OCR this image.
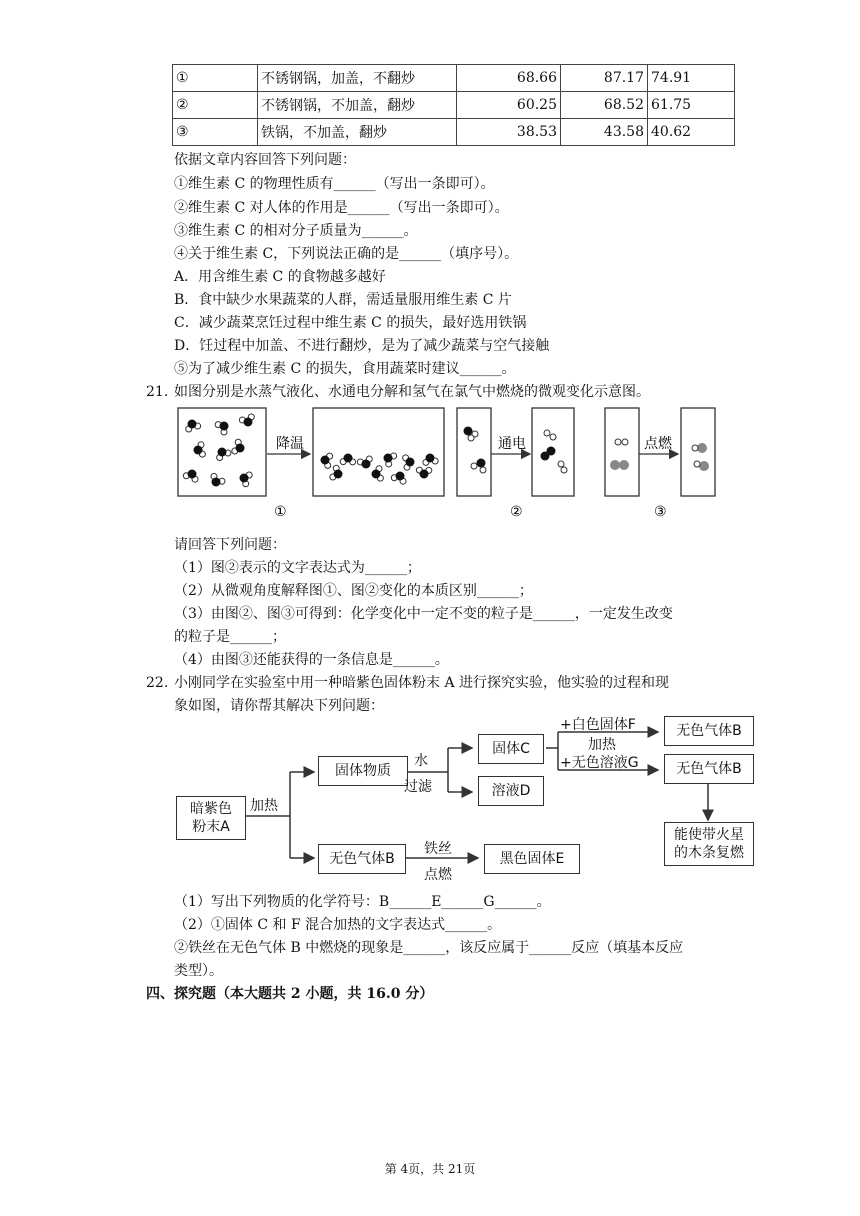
①	不锈钢锅，加盖，不翻炒	68.66	87.17	74.91
②	不锈钢锅，不加盖，翻炒	60.25	68.52	61.75
③	铁锅，不加盖，翻炒	38.53	43.58	40.62
依据文章内容回答下列问题：
①维生素 C 的物理性质有______（写出一条即可）。
②维生素 C 对人体的作用是______（写出一条即可）。
③维生素 C 的相对分子质量为______。
④关于维生素 C，下列说法正确的是______（填序号）。
A．用含维生素 C 的食物越多越好
B．食中缺少水果蔬菜的人群，需适量服用维生素 C 片
C．减少蔬菜烹饪过程中维生素 C 的损失，最好选用铁锅
D．饪过程中加盖、不进行翻炒，是为了减少蔬菜与空气接触
⑤为了减少维生素 C 的损失，食用蔬菜时建议______。
21. 如图分别是水蒸气液化、水通电分解和氢气在氯气中燃烧的微观变化示意图。
降温
①
通电
②
点燃
③
请回答下列问题：
（1）图②表示的文字表达式为______；
（2）从微观角度解释图①、图②变化的本质区别______；
（3）由图②、图③可得到：化学变化中一定不变的粒子是______，一定发生改变
的粒子是______；
（4）由图③还能获得的一条信息是______。
22. 小刚同学在实验室中用一种暗紫色固体粉末 A 进行探究实验，他实验的过程和现
象如图，请你帮其解决下列问题：
暗紫色
粉末A
加热
固体物质
水
过滤
固体C
溶液D
+白色固体F
加热
+无色溶液G
无色气体B
无色气体B
能使带火星
的木条复燃
无色气体B
铁丝
点燃
黑色固体E
（1）写出下列物质的化学符号：B______E______G______。
（2）①固体 C 和 F 混合加热的文字表达式______。
②铁丝在无色气体 B 中燃烧的现象是______，该反应属于______反应（填基本反应
类型）。
四、探究题（本大题共 2 小题，共 16.0 分）
第 4页，共 21页
